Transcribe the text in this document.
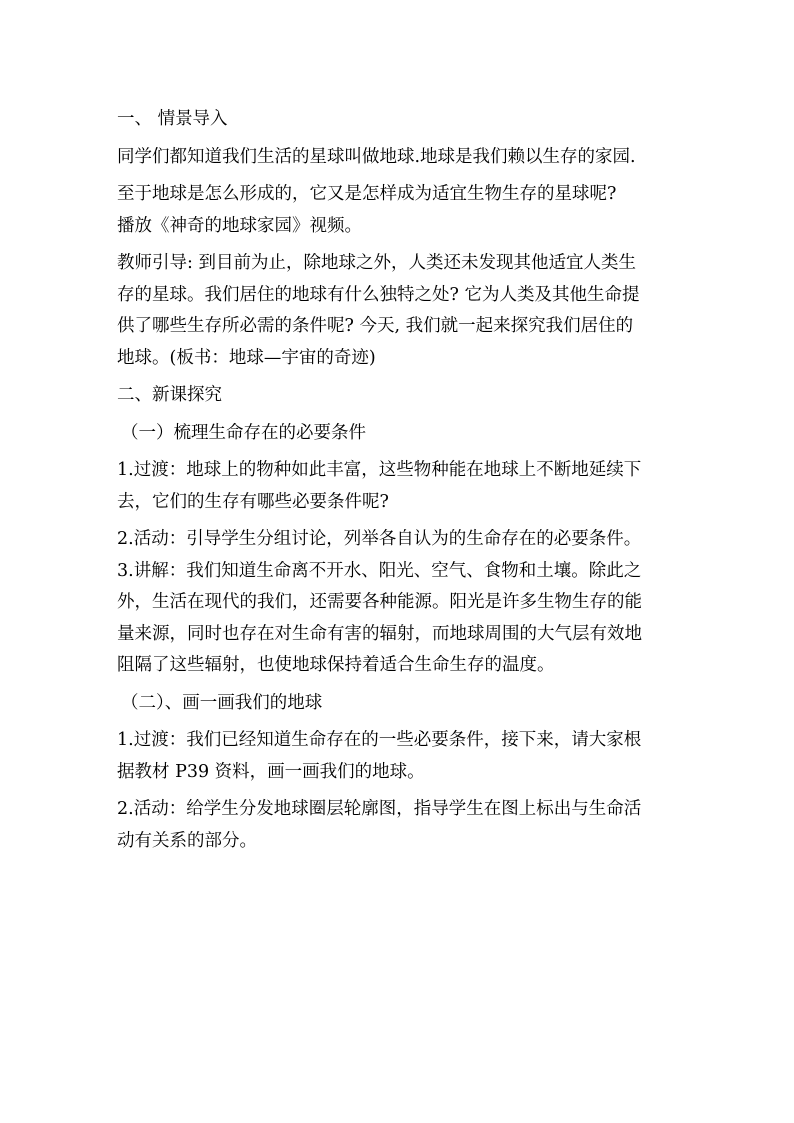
一、 情景导入
同学们都知道我们生活的星球叫做地球.地球是我们赖以生存的家园.
至于地球是怎么形成的，它又是怎样成为适宜生物生存的星球呢?
播放《神奇的地球家园》视频。
教师引导: 到目前为止，除地球之外，人类还未发现其他适宜人类生
存的星球。我们居住的地球有什么独特之处? 它为人类及其他生命提
供了哪些生存所必需的条件呢? 今天, 我们就一起来探究我们居住的
地球。(板书：地球—宇宙的奇迹)
二、新课探究
（一）梳理生命存在的必要条件
1.过渡：地球上的物种如此丰富，这些物种能在地球上不断地延续下
去，它们的生存有哪些必要条件呢?
2.活动：引导学生分组讨论，列举各自认为的生命存在的必要条件。
3.讲解：我们知道生命离不开水、阳光、空气、食物和土壤。除此之
外，生活在现代的我们，还需要各种能源。阳光是许多生物生存的能
量来源，同时也存在对生命有害的辐射，而地球周围的大气层有效地
阻隔了这些辐射，也使地球保持着适合生命生存的温度。
（二）、画一画我们的地球
1.过渡：我们已经知道生命存在的一些必要条件，接下来，请大家根
据教材 P39 资料，画一画我们的地球。
2.活动：给学生分发地球圈层轮廓图，指导学生在图上标出与生命活
动有关系的部分。
